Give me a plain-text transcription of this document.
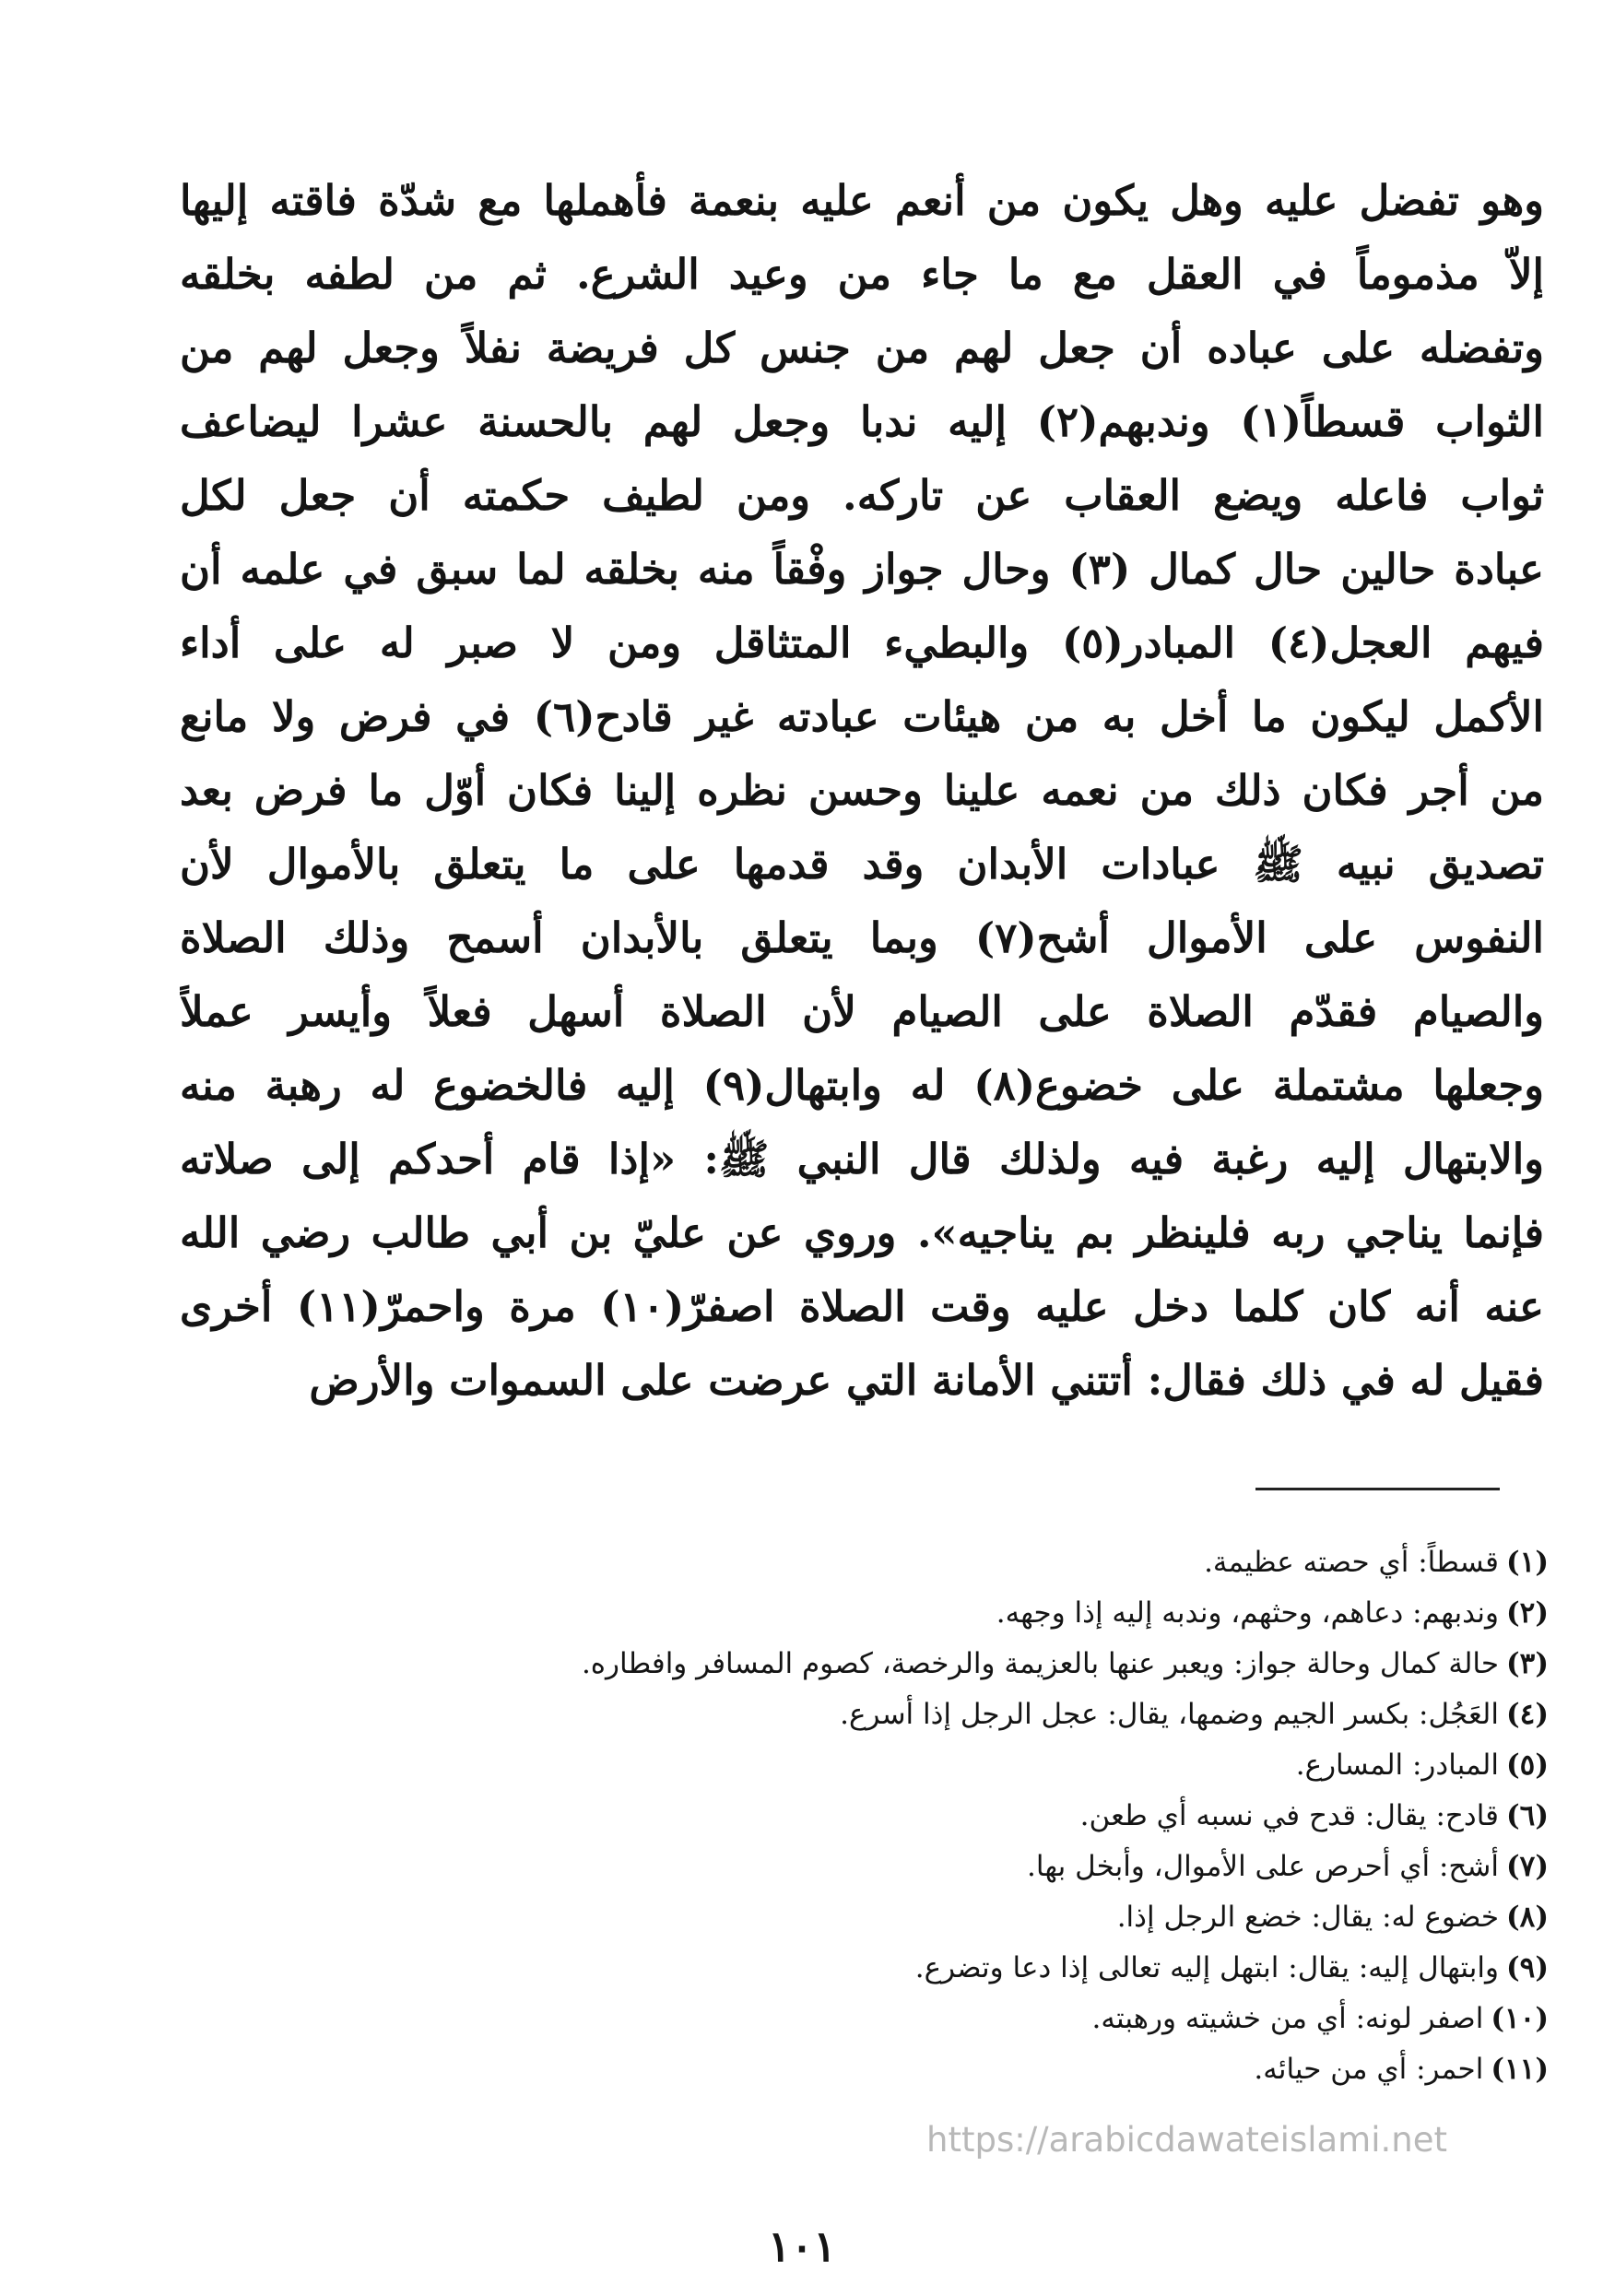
وهو تفضل عليه وهل يكون من أنعم عليه بنعمة فأهملها مع شدّة فاقته إليها
إلاّ مذموماً في العقل مع ما جاء من وعيد الشرع. ثم من لطفه بخلقه
وتفضله على عباده أن جعل لهم من جنس كل فريضة نفلاً وجعل لهم من
الثواب قسطاً(١) وندبهم(٢) إليه ندبا وجعل لهم بالحسنة عشرا ليضاعف
ثواب فاعله ويضع العقاب عن تاركه. ومن لطيف حكمته أن جعل لكل
عبادة حالين حال كمال (٣) وحال جواز وفْقاً منه بخلقه لما سبق في علمه أن
فيهم العجل(٤) المبادر(٥) والبطيء المتثاقل ومن لا صبر له على أداء
الأكمل ليكون ما أخل به من هيئات عبادته غير قادح(٦) في فرض ولا مانع
من أجر فكان ذلك من نعمه علينا وحسن نظره إلينا فكان أوّل ما فرض بعد
تصديق نبيه ﷺ عبادات الأبدان وقد قدمها على ما يتعلق بالأموال لأن
النفوس على الأموال أشح(٧) وبما يتعلق بالأبدان أسمح وذلك الصلاة
والصيام فقدّم الصلاة على الصيام لأن الصلاة أسهل فعلاً وأيسر عملاً
وجعلها مشتملة على خضوع(٨) له وابتهال(٩) إليه فالخضوع له رهبة منه
والابتهال إليه رغبة فيه ولذلك قال النبي ﷺ: «إذا قام أحدكم إلى صلاته
فإنما يناجي ربه فلينظر بم يناجيه». وروي عن عليّ بن أبي طالب رضي الله
عنه أنه كان كلما دخل عليه وقت الصلاة اصفرّ(١٠) مرة واحمرّ(١١) أخرى
فقيل له في ذلك فقال: أتتني الأمانة التي عرضت على السموات والأرض
(١)قسطاً: أي حصته عظيمة.
(٢)وندبهم: دعاهم، وحثهم، وندبه إليه إذا وجهه.
(٣)حالة كمال وحالة جواز: ويعبر عنها بالعزيمة والرخصة، كصوم المسافر وافطاره.
(٤)العَجُل: بكسر الجيم وضمها، يقال: عجل الرجل إذا أسرع.
(٥)المبادر: المسارع.
(٦)قادح: يقال: قدح في نسبه أي طعن.
(٧)أشح: أي أحرص على الأموال، وأبخل بها.
(٨)خضوع له: يقال: خضع الرجل إذا.
(٩)وابتهال إليه: يقال: ابتهل إليه تعالى إذا دعا وتضرع.
(١٠)اصفر لونه: أي من خشيته ورهبته.
(١١)احمر: أي من حيائه.
https://arabicdawateislami.net
١٠١
